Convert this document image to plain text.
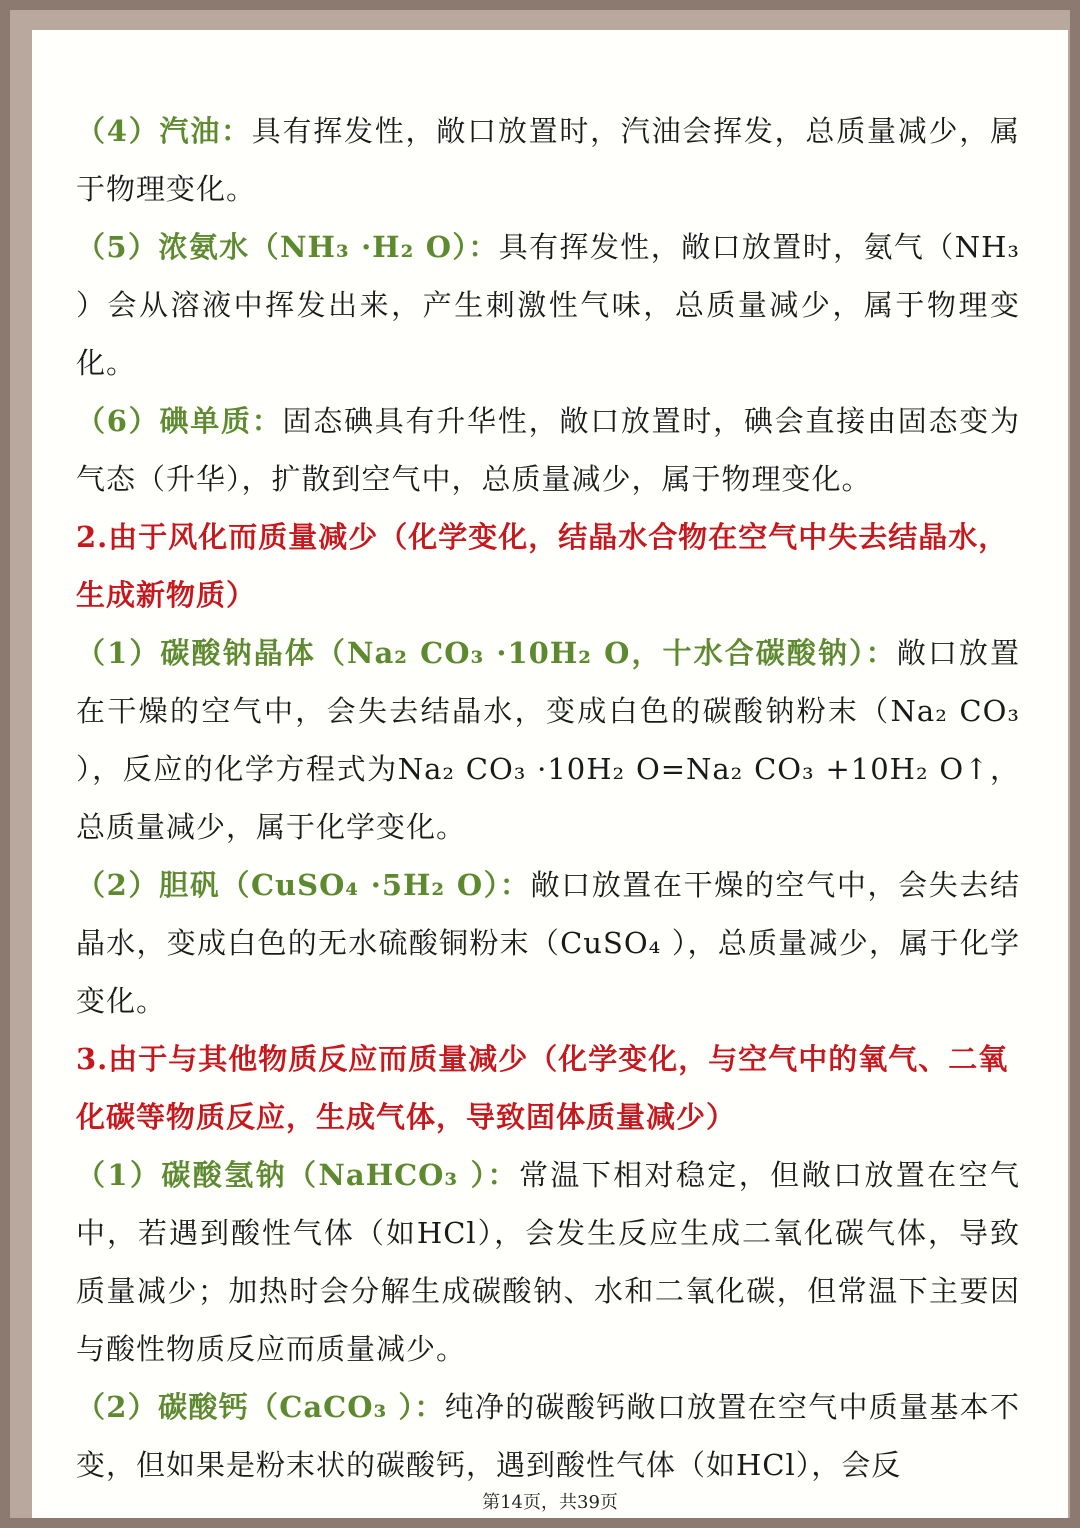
（4）汽油：具有挥发性，敞口放置时，汽油会挥发，总质量减少，属于物理变化。

（5）浓氨水（NH₃ ·H₂ O）：具有挥发性，敞口放置时，氨气（NH₃ ）会从溶液中挥发出来，产生刺激性气味，总质量减少，属于物理变化。

（6）碘单质：固态碘具有升华性，敞口放置时，碘会直接由固态变为气态（升华），扩散到空气中，总质量减少，属于物理变化。

2.由于风化而质量减少（化学变化，结晶水合物在空气中失去结晶水，生成新物质）

（1）碳酸钠晶体（Na₂ CO₃ ·10H₂ O，十水合碳酸钠）：敞口放置在干燥的空气中，会失去结晶水，变成白色的碳酸钠粉末（Na₂ CO₃ ），反应的化学方程式为Na₂ CO₃ ·10H₂ O=Na₂ CO₃ +10H₂ O↑，总质量减少，属于化学变化。

（2）胆矾（CuSO₄ ·5H₂ O）：敞口放置在干燥的空气中，会失去结晶水，变成白色的无水硫酸铜粉末（CuSO₄ ），总质量减少，属于化学变化。

3.由于与其他物质反应而质量减少（化学变化，与空气中的氧气、二氧化碳等物质反应，生成气体，导致固体质量减少）

（1）碳酸氢钠（NaHCO₃ ）：常温下相对稳定，但敞口放置在空气中，若遇到酸性气体（如HCl），会发生反应生成二氧化碳气体，导致质量减少；加热时会分解生成碳酸钠、水和二氧化碳，但常温下主要因与酸性物质反应而质量减少。

（2）碳酸钙（CaCO₃ ）：纯净的碳酸钙敞口放置在空气中质量基本不变，但如果是粉末状的碳酸钙，遇到酸性气体（如HCl），会反

第14页，共39页
